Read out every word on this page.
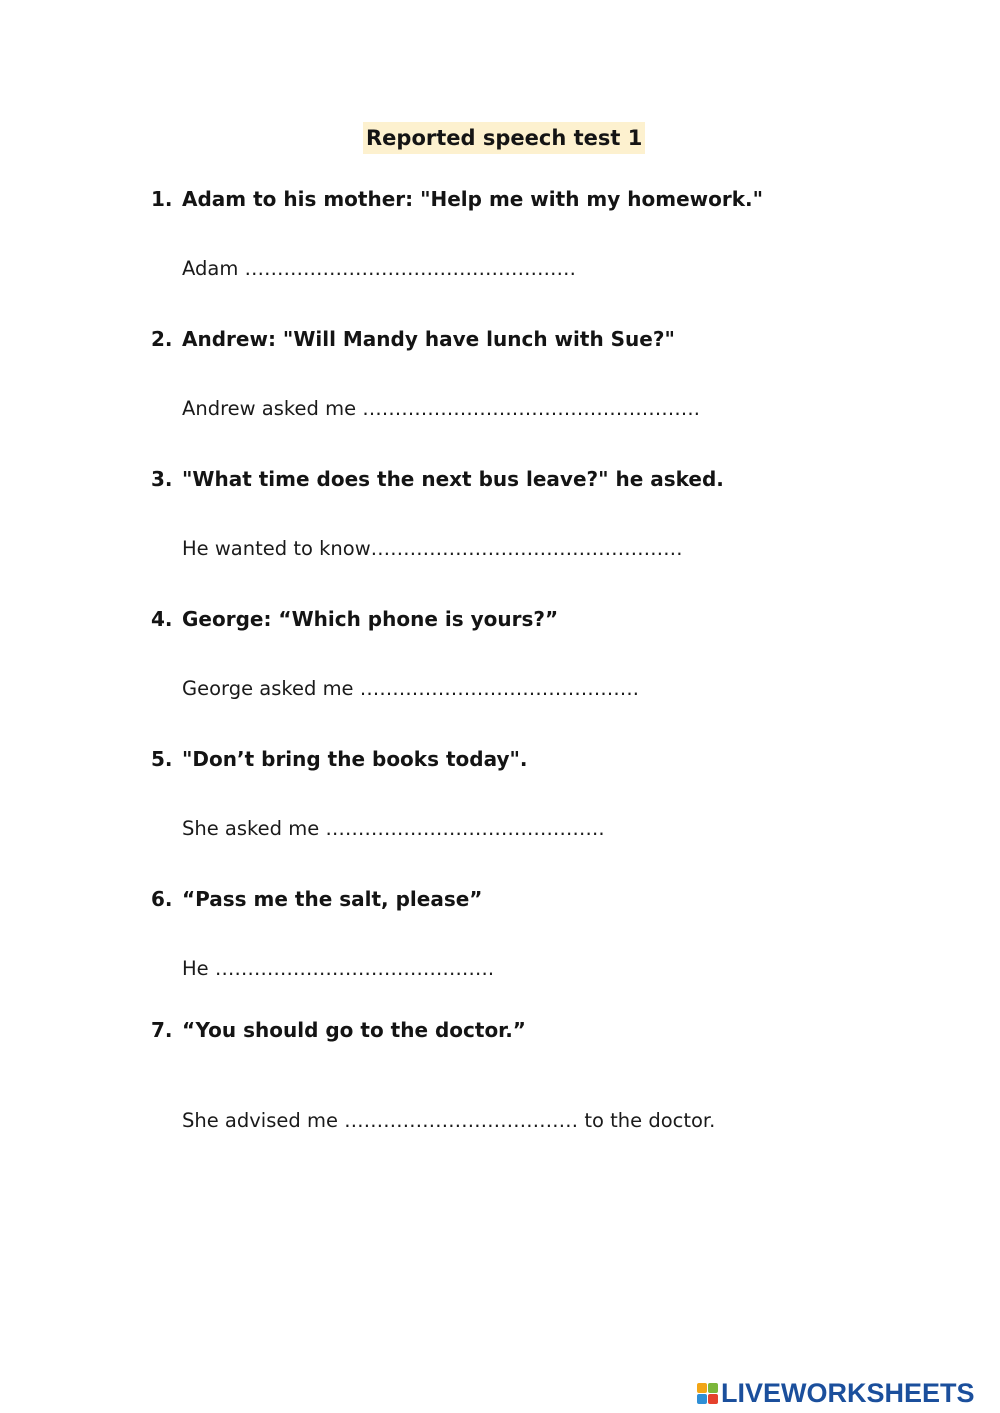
Reported speech test 1
1. Adam to his mother: "Help me with my homework."
Adam ……………………………………………
2. Andrew: "Will Mandy have lunch with Sue?"
Andrew asked me …………………………………………….
3. "What time does the next bus leave?" he asked.
He wanted to know…………………………………………
4. George: “Which phone is yours?”
George asked me …………………………………….
5. "Don’t bring the books today".
She asked me …………………………………….
6. “Pass me the salt, please”
He …………………………………….
7. “You should go to the doctor.”
She advised me ……………………………… to the doctor.
LIVEWORKSHEETS
